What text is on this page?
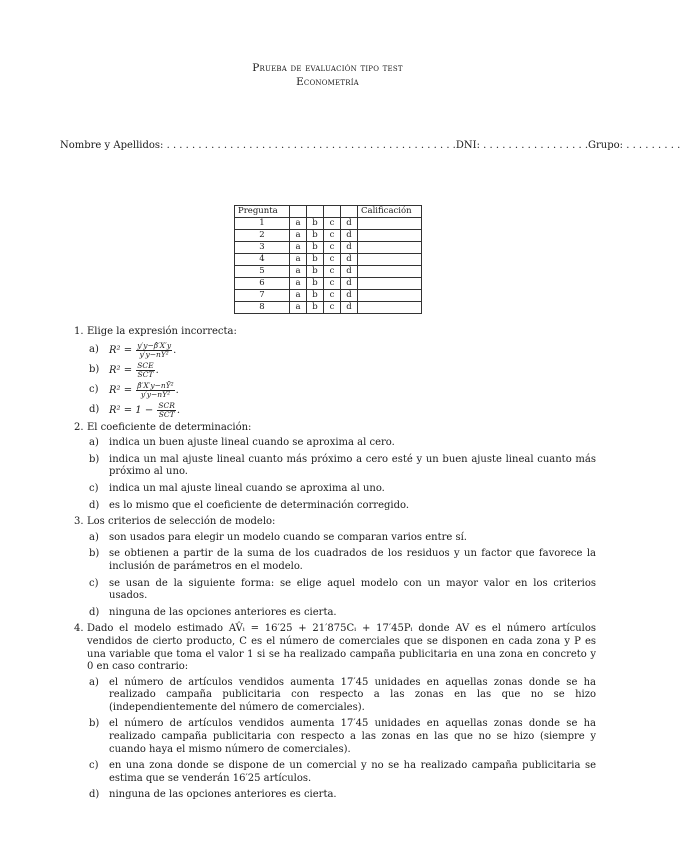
Prueba de evaluación tipo test
Econometría
Nombre y Apellidos: . . . . . . . . . . . . . . . . . . . . . . . . . . . . . . . . . . . . . . . . . . . . . . DNI: . . . . . . . . . . . . . . . . . Grupo: . . . . . . . . .
Pregunta					Calificación
1	a	b	c	d	
2	a	b	c	d	
3	a	b	c	d	
4	a	b	c	d	
5	a	b	c	d	
6	a	b	c	d	
7	a	b	c	d	
8	a	b	c	d	
1. Elige la expresión incorrecta:
a) $R^2 = \frac{y'y-\betâ'X'y}{\text{y′y−nȲ²}}$ .
b) $R^2 = \frac{\text{SCE}}{\text{SCT}}$ .
c) $R^2 = \frac{\text{β̂′X′y−nȲ²}}{\text{y′y−nȲ²}}$ .
d) $R^2 = 1 - \frac{\text{SCR}}{\text{SCT}}$ .
2. El coeficiente de determinación:
a) indica un buen ajuste lineal cuando se aproxima al cero.
b) indica un mal ajuste lineal cuanto más próximo a cero esté y un buen ajuste lineal cuanto más próximo al uno.
c) indica un mal ajuste lineal cuando se aproxima al uno.
d) es lo mismo que el coeficiente de determinación corregido.
3. Los criterios de selección de modelo:
a) son usados para elegir un modelo cuando se comparan varios entre sí.
b) se obtienen a partir de la suma de los cuadrados de los residuos y un factor que favorece la inclusión de parámetros en el modelo.
c) se usan de la siguiente forma: se elige aquel modelo con un mayor valor en los criterios usados.
d) ninguna de las opciones anteriores es cierta.
4. Dado el modelo estimado AV̂ᵢ = 16′25 + 21′875Cᵢ + 17′45Pᵢ donde AV es el número artículos vendidos de cierto producto, C es el número de comerciales que se disponen en cada zona y P es una variable que toma el valor 1 si se ha realizado campaña publicitaria en una zona en concreto y 0 en caso contrario:
a) el número de artículos vendidos aumenta 17′45 unidades en aquellas zonas donde se ha realizado campaña publicitaria con respecto a las zonas en las que no se hizo (independientemente del número de comerciales).
b) el número de artículos vendidos aumenta 17′45 unidades en aquellas zonas donde se ha realizado campaña publicitaria con respecto a las zonas en las que no se hizo (siempre y cuando haya el mismo número de comerciales).
c) en una zona donde se dispone de un comercial y no se ha realizado campaña publicitaria se estima que se venderán 16′25 artículos.
d) ninguna de las opciones anteriores es cierta.
